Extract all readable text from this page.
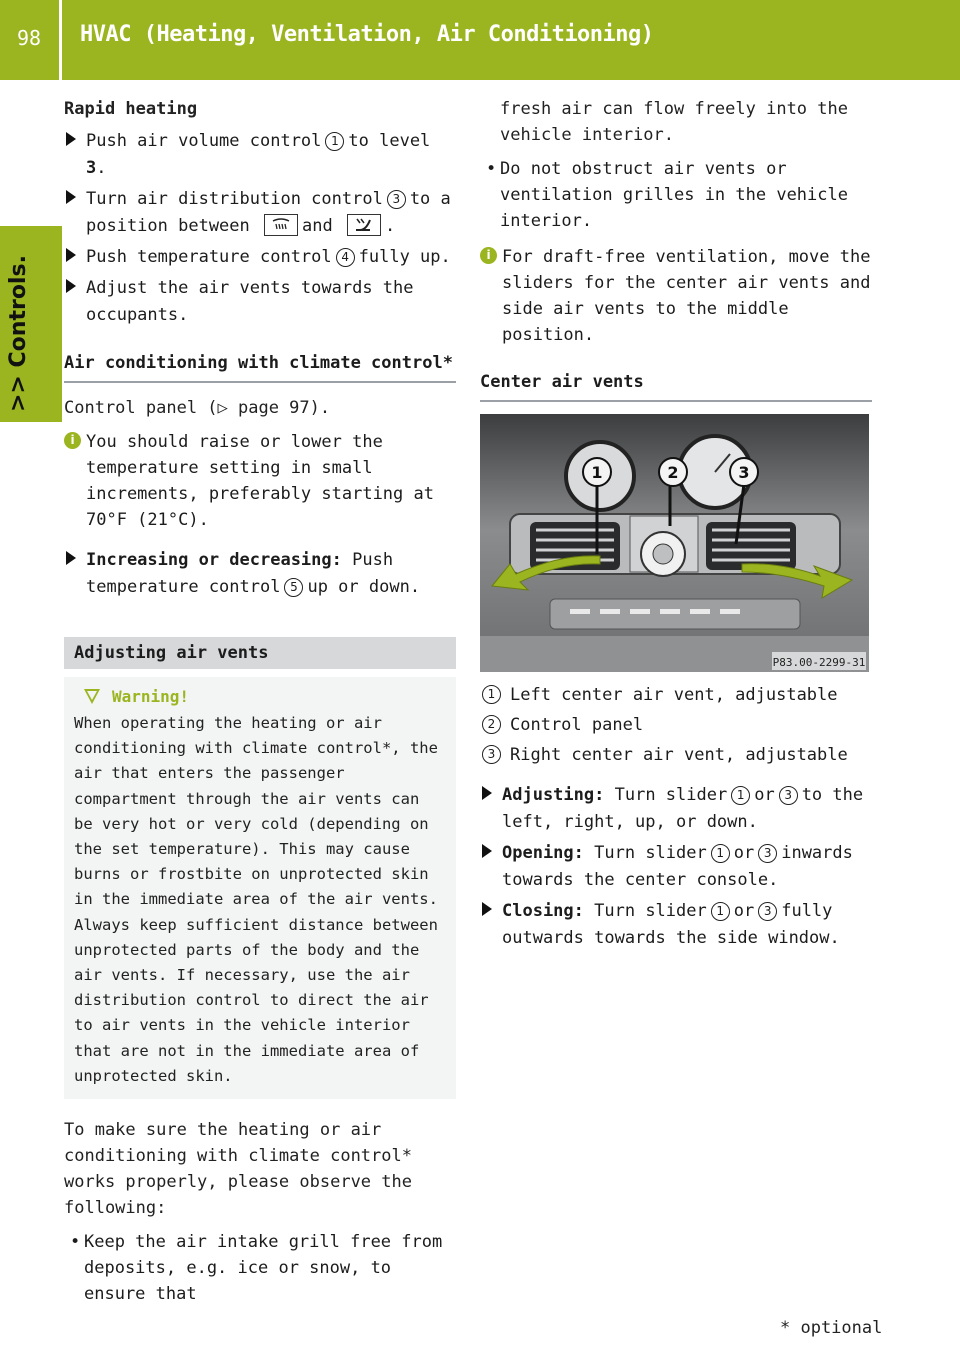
98	HVAC (Heating, Ventilation, Air Conditioning)
>> Controls.
Rapid heating
Push air volume control 1 to level 3.
Turn air distribution control 3 to a position between	and	.
Push temperature control 4 fully up.
Adjust the air vents towards the occupants.
Air conditioning with climate control*
Control panel (▷ page 97).
i You should raise or lower the temperature setting in small increments, preferably starting at 70°F (21°C).
Increasing or decreasing: Push temperature control 5 up or down.
Adjusting air vents
Warning!
When operating the heating or air conditioning with climate control*, the air that enters the passenger compartment through the air vents can be very hot or very cold (depending on the set temperature). This may cause burns or frostbite on unprotected skin in the immediate area of the air vents. Always keep sufficient distance between unprotected parts of the body and the air vents. If necessary, use the air distribution control to direct the air to air vents in the vehicle interior that are not in the immediate area of unprotected skin.
To make sure the heating or air conditioning with climate control* works properly, please observe the following:
• Keep the air intake grill free from deposits, e.g. ice or snow, to ensure that
fresh air can flow freely into the vehicle interior.
• Do not obstruct air vents or ventilation grilles in the vehicle interior.
i For draft-free ventilation, move the sliders for the center air vents and side air vents to the middle position.
Center air vents
1	2	3
P83.00-2299-31
1 Left center air vent, adjustable
2 Control panel
3 Right center air vent, adjustable
Adjusting: Turn slider 1 or 3 to the left, right, up, or down.
Opening: Turn slider 1 or 3 inwards towards the center console.
Closing: Turn slider 1 or 3 fully outwards towards the side window.
* optional
